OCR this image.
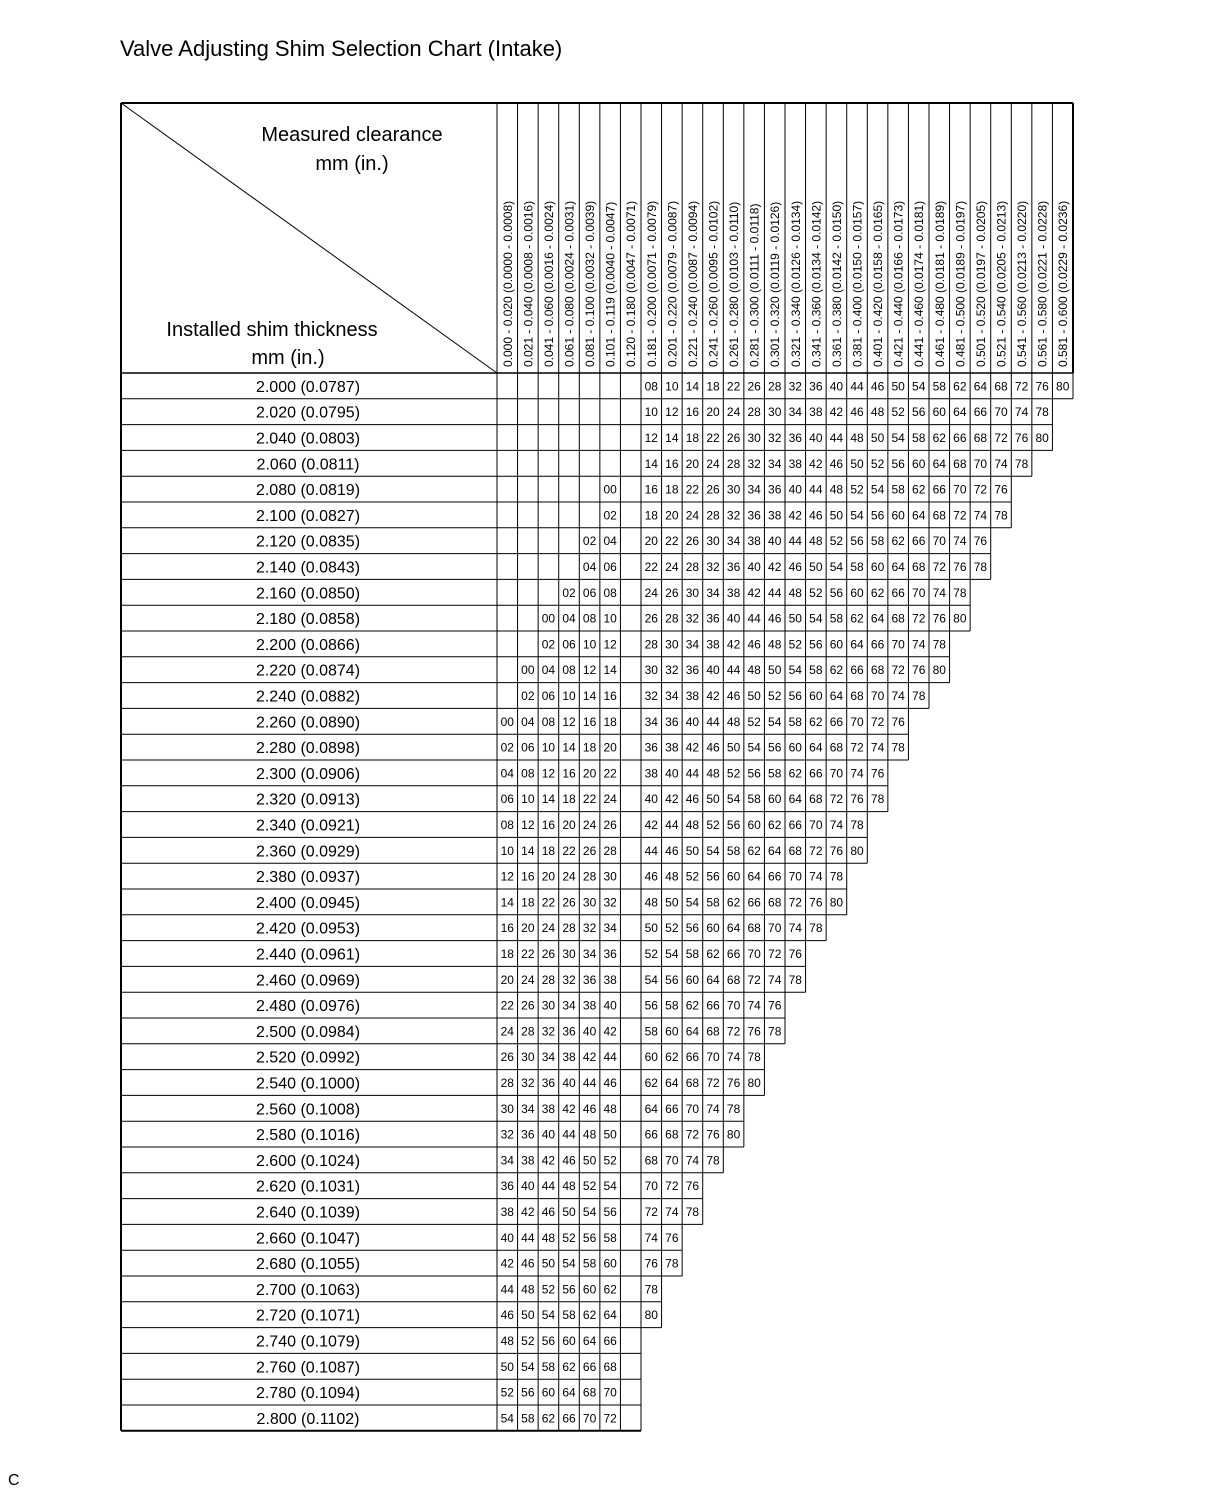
Valve Adjusting Shim Selection Chart (Intake)
0.000 - 0.020 (0.0000 - 0.0008) 0.021 - 0.040 (0.0008 - 0.0016) 0.041 - 0.060 (0.0016 - 0.0024) 0.061 - 0.080 (0.0024 - 0.0031) 0.081 - 0.100 (0.0032 - 0.0039) 0.101 - 0.119 (0.0040 - 0.0047) 0.120 - 0.180 (0.0047 - 0.0071) 0.181 - 0.200 (0.0071 - 0.0079) 0.201 - 0.220 (0.0079 - 0.0087) 0.221 - 0.240 (0.0087 - 0.0094) 0.241 - 0.260 (0.0095 - 0.0102) 0.261 - 0.280 (0.0103 - 0.0110) 0.281 - 0.300 (0.0111 - 0.0118) 0.301 - 0.320 (0.0119 - 0.0126) 0.321 - 0.340 (0.0126 - 0.0134) 0.341 - 0.360 (0.0134 - 0.0142) 0.361 - 0.380 (0.0142 - 0.0150) 0.381 - 0.400 (0.0150 - 0.0157) 0.401 - 0.420 (0.0158 - 0.0165) 0.421 - 0.440 (0.0166 - 0.0173) 0.441 - 0.460 (0.0174 - 0.0181) 0.461 - 0.480 (0.0181 - 0.0189) 0.481 - 0.500 (0.0189 - 0.0197) 0.501 - 0.520 (0.0197 - 0.0205) 0.521 - 0.540 (0.0205 - 0.0213) 0.541 - 0.560 (0.0213 - 0.0220) 0.561 - 0.580 (0.0221 - 0.0228) 0.581 - 0.600 (0.0229 - 0.0236)
2.000 (0.0787)
2.020 (0.0795)
2.040 (0.0803)
2.060 (0.0811)
2.080 (0.0819)
2.100 (0.0827)
2.120 (0.0835)
2.140 (0.0843)
2.160 (0.0850)
2.180 (0.0858)
2.200 (0.0866)
2.220 (0.0874)
2.240 (0.0882)
2.260 (0.0890)
2.280 (0.0898)
2.300 (0.0906)
2.320 (0.0913)
2.340 (0.0921)
2.360 (0.0929)
2.380 (0.0937)
2.400 (0.0945)
2.420 (0.0953)
2.440 (0.0961)
2.460 (0.0969)
2.480 (0.0976)
2.500 (0.0984)
2.520 (0.0992)
2.540 (0.1000)
2.560 (0.1008)
2.580 (0.1016)
2.600 (0.1024)
2.620 (0.1031)
2.640 (0.1039)
2.660 (0.1047)
2.680 (0.1055)
2.700 (0.1063)
2.720 (0.1071)
2.740 (0.1079)
2.760 (0.1087)
2.780 (0.1094)
2.800 (0.1102)
08 10 14 18 22 26 28 32 36 40 44 46 50 54 58 62 64 68 72 76 80
10 12 16 20 24 28 30 34 38 42 46 48 52 56 60 64 66 70 74 78
12 14 18 22 26 30 32 36 40 44 48 50 54 58 62 66 68 72 76 80
14 16 20 24 28 32 34 38 42 46 50 52 56 60 64 68 70 74 78
00 16 18 22 26 30 34 36 40 44 48 52 54 58 62 66 70 72 76
02 18 20 24 28 32 36 38 42 46 50 54 56 60 64 68 72 74 78
02 04 20 22 26 30 34 38 40 44 48 52 56 58 62 66 70 74 76
04 06 22 24 28 32 36 40 42 46 50 54 58 60 64 68 72 76 78
02 06 08 24 26 30 34 38 42 44 48 52 56 60 62 66 70 74 78
00 04 08 10 26 28 32 36 40 44 46 50 54 58 62 64 68 72 76 80
02 06 10 12 28 30 34 38 42 46 48 52 56 60 64 66 70 74 78
00 04 08 12 14 30 32 36 40 44 48 50 54 58 62 66 68 72 76 80
02 06 10 14 16 32 34 38 42 46 50 52 56 60 64 68 70 74 78
00 04 08 12 16 18 34 36 40 44 48 52 54 58 62 66 70 72 76
02 06 10 14 18 20 36 38 42 46 50 54 56 60 64 68 72 74 78
04 08 12 16 20 22 38 40 44 48 52 56 58 62 66 70 74 76
06 10 14 18 22 24 40 42 46 50 54 58 60 64 68 72 76 78
08 12 16 20 24 26 42 44 48 52 56 60 62 66 70 74 78
10 14 18 22 26 28 44 46 50 54 58 62 64 68 72 76 80
12 16 20 24 28 30 46 48 52 56 60 64 66 70 74 78
14 18 22 26 30 32 48 50 54 58 62 66 68 72 76 80
16 20 24 28 32 34 50 52 56 60 64 68 70 74 78
18 22 26 30 34 36 52 54 58 62 66 70 72 76
20 24 28 32 36 38 54 56 60 64 68 72 74 78
22 26 30 34 38 40 56 58 62 66 70 74 76
24 28 32 36 40 42 58 60 64 68 72 76 78
26 30 34 38 42 44 60 62 66 70 74 78
28 32 36 40 44 46 62 64 68 72 76 80
30 34 38 42 46 48 64 66 70 74 78
32 36 40 44 48 50 66 68 72 76 80
34 38 42 46 50 52 68 70 74 78
36 40 44 48 52 54 70 72 76
38 42 46 50 54 56 72 74 78
40 44 48 52 56 58 74 76
42 46 50 54 58 60 76 78
44 48 52 56 60 62 78
46 50 54 58 62 64 80
48 52 56 60 64 66
50 54 58 62 66 68
52 56 60 64 68 70
54 58 62 66 70 72
Measured clearance
mm (in.)
Installed shim thickness
mm (in.)
C
